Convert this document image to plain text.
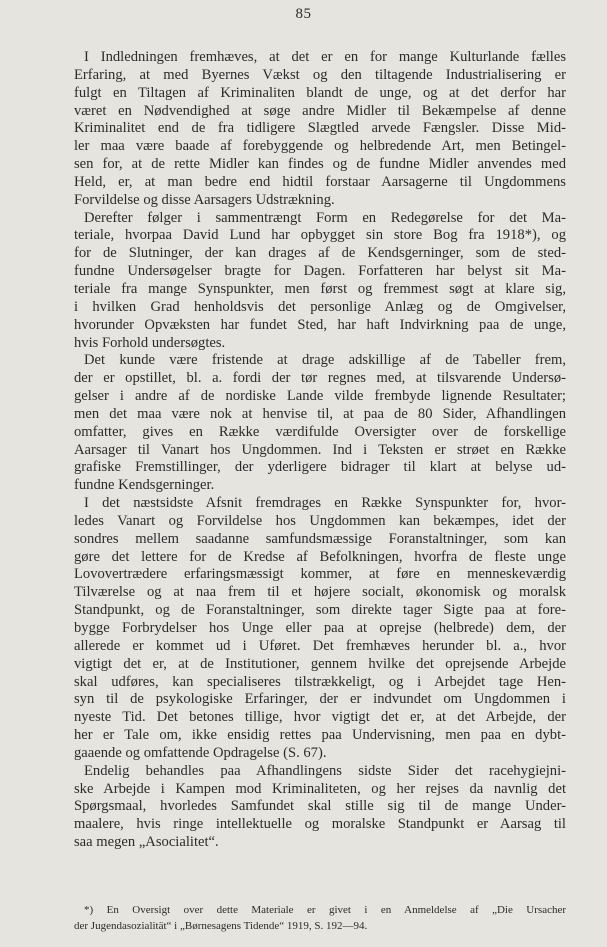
85
I Indledningen fremhæves, at det er en for mange Kulturlande fælles
Erfaring, at med Byernes Vækst og den tiltagende Industrialisering er
fulgt en Tiltagen af Kriminaliten blandt de unge, og at det derfor har
været en Nødvendighed at søge andre Midler til Bekæmpelse af denne
Kriminalitet end de fra tidligere Slægtled arvede Fængsler. Disse Mid-
ler maa være baade af forebyggende og helbredende Art, men Betingel-
sen for, at de rette Midler kan findes og de fundne Midler anvendes med
Held, er, at man bedre end hidtil forstaar Aarsagerne til Ungdommens
Forvildelse og disse Aarsagers Udstrækning.
Derefter følger i sammentrængt Form en Redegørelse for det Ma-
teriale, hvorpaa David Lund har opbygget sin store Bog fra 1918*), og
for de Slutninger, der kan drages af de Kendsgerninger, som de sted-
fundne Undersøgelser bragte for Dagen. Forfatteren har belyst sit Ma-
teriale fra mange Synspunkter, men først og fremmest søgt at klare sig,
i hvilken Grad henholdsvis det personlige Anlæg og de Omgivelser,
hvorunder Opvæksten har fundet Sted, har haft Indvirkning paa de unge,
hvis Forhold undersøgtes.
Det kunde være fristende at drage adskillige af de Tabeller frem,
der er opstillet, bl. a. fordi der tør regnes med, at tilsvarende Undersø-
gelser i andre af de nordiske Lande vilde frembyde lignende Resultater;
men det maa være nok at henvise til, at paa de 80 Sider, Afhandlingen
omfatter, gives en Række værdifulde Oversigter over de forskellige
Aarsager til Vanart hos Ungdommen. Ind i Teksten er strøet en Række
grafiske Fremstillinger, der yderligere bidrager til klart at belyse ud-
fundne Kendsgerninger.
I det næstsidste Afsnit fremdrages en Række Synspunkter for, hvor-
ledes Vanart og Forvildelse hos Ungdommen kan bekæmpes, idet der
sondres mellem saadanne samfundsmæssige Foranstaltninger, som kan
gøre det lettere for de Kredse af Befolkningen, hvorfra de fleste unge
Lovovertrædere erfaringsmæssigt kommer, at føre en menneskeværdig
Tilværelse og at naa frem til et højere socialt, økonomisk og moralsk
Standpunkt, og de Foranstaltninger, som direkte tager Sigte paa at fore-
bygge Forbrydelser hos Unge eller paa at oprejse (helbrede) dem, der
allerede er kommet ud i Uføret. Det fremhæves herunder bl. a., hvor
vigtigt det er, at de Institutioner, gennem hvilke det oprejsende Arbejde
skal udføres, kan specialiseres tilstrækkeligt, og i Arbejdet tage Hen-
syn til de psykologiske Erfaringer, der er indvundet om Ungdommen i
nyeste Tid. Det betones tillige, hvor vigtigt det er, at det Arbejde, der
her er Tale om, ikke ensidig rettes paa Undervisning, men paa en dybt-
gaaende og omfattende Opdragelse (S. 67).
Endelig behandles paa Afhandlingens sidste Sider det racehygiejni-
ske Arbejde i Kampen mod Kriminaliteten, og her rejses da navnlig det
Spørgsmaal, hvorledes Samfundet skal stille sig til de mange Under-
maalere, hvis ringe intellektuelle og moralske Standpunkt er Aarsag til
saa megen „Asocialitet“.
*) En Oversigt over dette Materiale er givet i en Anmeldelse af „Die Ursacher
der Jugendasozialität“ i „Børnesagens Tidende“ 1919, S. 192—94.
